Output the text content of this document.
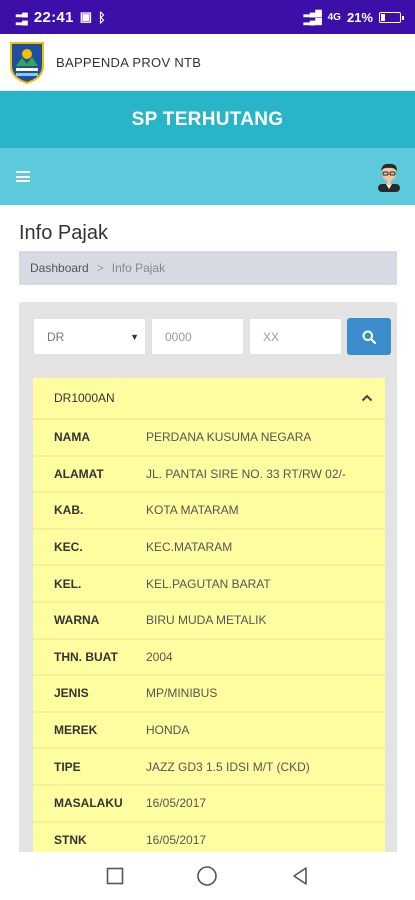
▂▄
▂▄ 22:41 ▣ ᛒ	▂▄▆
▂▄▆ 4G 21%
BAPPENDA PROV NTB
SP TERHUTANG
Info Pajak
Dashboard > Info Pajak
DR	▼ 0000	XX
DR1000AN
NAMA	PERDANA KUSUMA NEGARA
ALAMAT	JL. PANTAI SIRE NO. 33 RT/RW 02/-
KAB.	KOTA MATARAM
KEC.	KEC.MATARAM
KEL.	KEL.PAGUTAN BARAT
WARNA	BIRU MUDA METALIK
THN. BUAT	2004
JENIS	MP/MINIBUS
MEREK	HONDA
TIPE	JAZZ GD3 1.5 IDSI M/T (CKD)
MASALAKU	16/05/2017
STNK	16/05/2017
